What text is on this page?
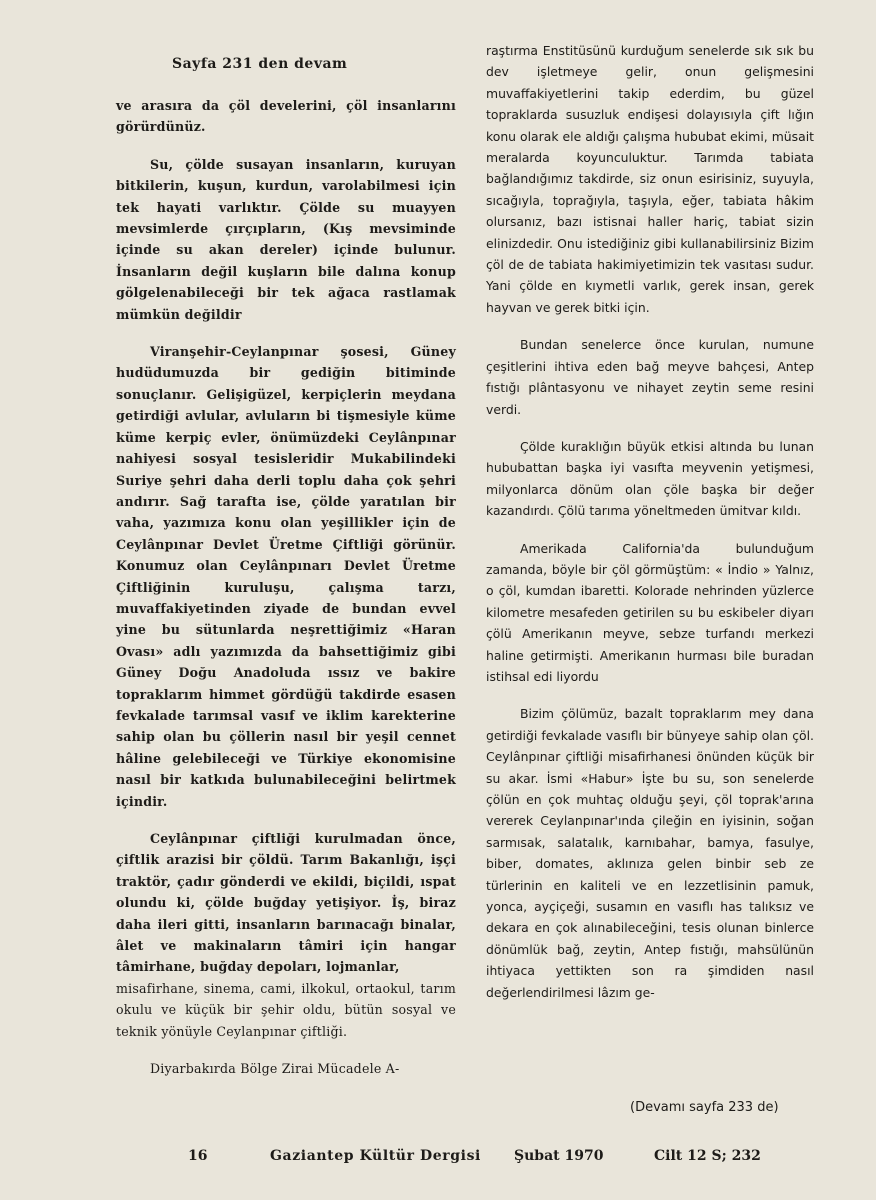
Sayfa 231 den devam

ve arasıra da çöl develerini, çöl insanlarını görürdünüz.

Su, çölde susayan insanların, kuruyan bitkilerin, kuşun, kurdun, varolabilmesi için tek hayati varlıktır. Çölde su muayyen mevsimlerde çırçıpların, (Kış mevsiminde içinde su akan dereler) içinde bulunur. İnsanların değil kuşların bile dalına konup gölgelenabileceği bir tek ağaca rastlamak mümkün değildir

Viranşehir-Ceylanpınar şosesi, Güney hudüdumuzda bir gediğin bitiminde sonuçlanır. Gelişigüzel, kerpiçlerin meydana getirdiği avlular, avluların bi tişmesiyle küme küme kerpiç evler, önümüzdeki Ceylânpınar nahiyesi sosyal tesisleridir Mukabilindeki Suriye şehri daha derli toplu daha çok şehri andırır. Sağ tarafta ise, çölde yaratılan bir vaha, yazımıza konu olan yeşillikler için de Ceylânpınar Devlet Üretme Çiftliği görünür. Konumuz olan Ceylânpınarı Devlet Üretme Çiftliğinin kuruluşu, çalışma tarzı, muvaffakiyetinden ziyade de bundan evvel yine bu sütunlarda neşrettiğimiz «Haran Ovası» adlı yazımızda da bahsettiğimiz gibi Güney Doğu Anadoluda ıssız ve bakire topraklarım himmet gördüğü takdirde esasen fevkalade tarımsal vasıf ve iklim karekterine sahip olan bu çöllerin nasıl bir yeşil cennet hâline gelebileceği ve Türkiye ekonomisine nasıl bir katkıda bulunabileceğini belirtmek içindir.

Ceylânpınar çiftliği kurulmadan önce, çiftlik arazisi bir çöldü. Tarım Bakanlığı, işçi traktör, çadır gönderdi ve ekildi, biçildi, ıspat olundu ki, çölde buğday yetişiyor. İş, biraz daha ileri gitti, insanların barınacağı binalar, âlet ve makinaların tâmiri için hangar tâmirhane, buğday depoları, lojmanlar,

misafirhane, sinema, cami, ilkokul, ortaokul, tarım okulu ve küçük bir şehir oldu, bütün sosyal ve teknik yönüyle Ceylanpınar çiftliği.

Diyarbakırda Bölge Zirai Mücadele A-

raştırma Enstitüsünü kurduğum senelerde sık sık bu dev işletmeye gelir, onun gelişmesini muvaffakiyetlerini takip ederdim, bu güzel topraklarda susuzluk endişesi dolayısıyla çift lığın konu olarak ele aldığı çalışma hububat ekimi, müsait meralarda koyunculuktur. Tarımda tabiata bağlandığımız takdirde, siz onun esirisiniz, suyuyla, sıcağıyla, toprağıyla, taşıyla, eğer, tabiata hâkim olursanız, bazı istisnai haller hariç, tabiat sizin elinizdedir. Onu istediğiniz gibi kullanabilirsiniz Bizim çöl de de tabiata hakimiyetimizin tek vasıtası sudur. Yani çölde en kıymetli varlık, gerek insan, gerek hayvan ve gerek bitki için.

Bundan senelerce önce kurulan, numune çeşitlerini ihtiva eden bağ meyve bahçesi, Antep fıstığı plântasyonu ve nihayet zeytin seme resini verdi.

Çölde kuraklığın büyük etkisi altında bu lunan hububattan başka iyi vasıfta meyvenin yetişmesi, milyonlarca dönüm olan çöle başka bir değer kazandırdı. Çölü tarıma yöneltmeden ümitvar kıldı.

Amerikada California'da bulunduğum zamanda, böyle bir çöl görmüştüm: « İndio » Yalnız, o çöl, kumdan ibaretti. Kolorade nehrinden yüzlerce kilometre mesafeden getirilen su bu eskibeler diyarı çölü Amerikanın meyve, sebze turfandı merkezi haline getirmişti. Amerikanın hurması bile buradan istihsal edi liyordu

Bizim çölümüz, bazalt topraklarım mey dana getirdiği fevkalade vasıflı bir bünyeye sahip olan çöl. Ceylânpınar çiftliği misafirhanesi önünden küçük bir su akar. İsmi «Habur» İşte bu su, son senelerde çölün en çok muhtaç olduğu şeyi, çöl toprak'arına vererek Ceylanpınar'ında çileğin en iyisinin, soğan sarmısak, salatalık, karnıbahar, bamya, fasulye, biber, domates, aklınıza gelen binbir seb ze türlerinin en kaliteli ve en lezzetlisinin pamuk, yonca, ayçiçeği, susamın en vasıflı has talıksız ve dekara en çok alınabileceğini, tesis olunan binlerce dönümlük bağ, zeytin, Antep fıstığı, mahsülünün ihtiyaca yettikten son ra şimdiden nasıl değerlendirilmesi lâzım ge-

(Devamı sayfa 233 de)
16	Gaziantep Kültür Dergisi Şubat 1970	Cilt 12 S; 232
